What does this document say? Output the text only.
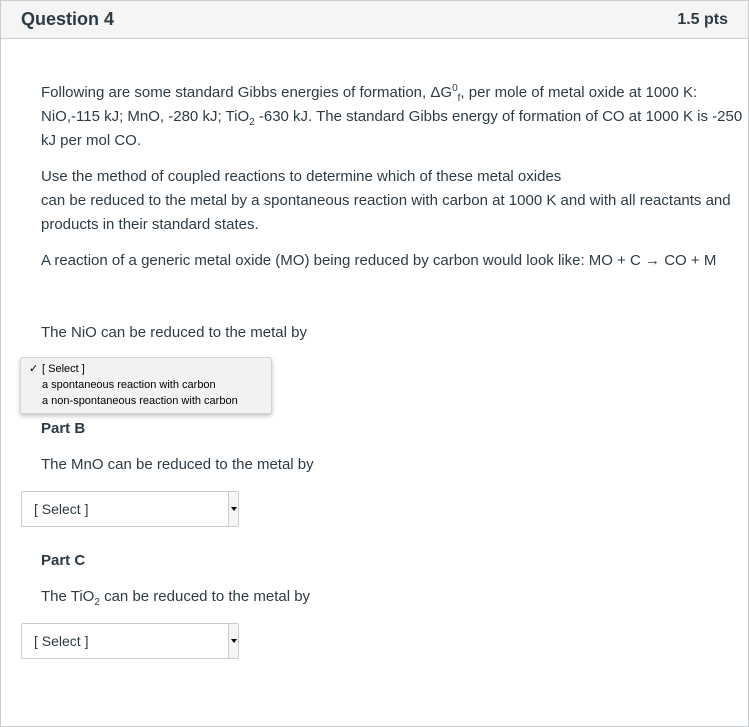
Question 4	1.5 pts

Following are some standard Gibbs energies of formation, $\Delta G^0_f$, per mole of metal oxide at 1000 K: NiO,-115 kJ; MnO, -280 kJ; TiO$_2$ -630 kJ. The standard Gibbs energy of formation of CO at 1000 K is -250 kJ per mol CO.

Use the method of coupled reactions to determine which of these metal oxides
can be reduced to the metal by a spontaneous reaction with carbon at 1000 K and with all reactants and products in their standard states.

A reaction of a generic metal oxide (MO) being reduced by carbon would look like: MO + C → CO + M

The NiO can be reduced to the metal by

✓ [ Select ]
a spontaneous reaction with carbon
a non-spontaneous reaction with carbon
Part B

The MnO can be reduced to the metal by

[ Select ]
Part C

The TiO$_2$ can be reduced to the metal by

[ Select ]
